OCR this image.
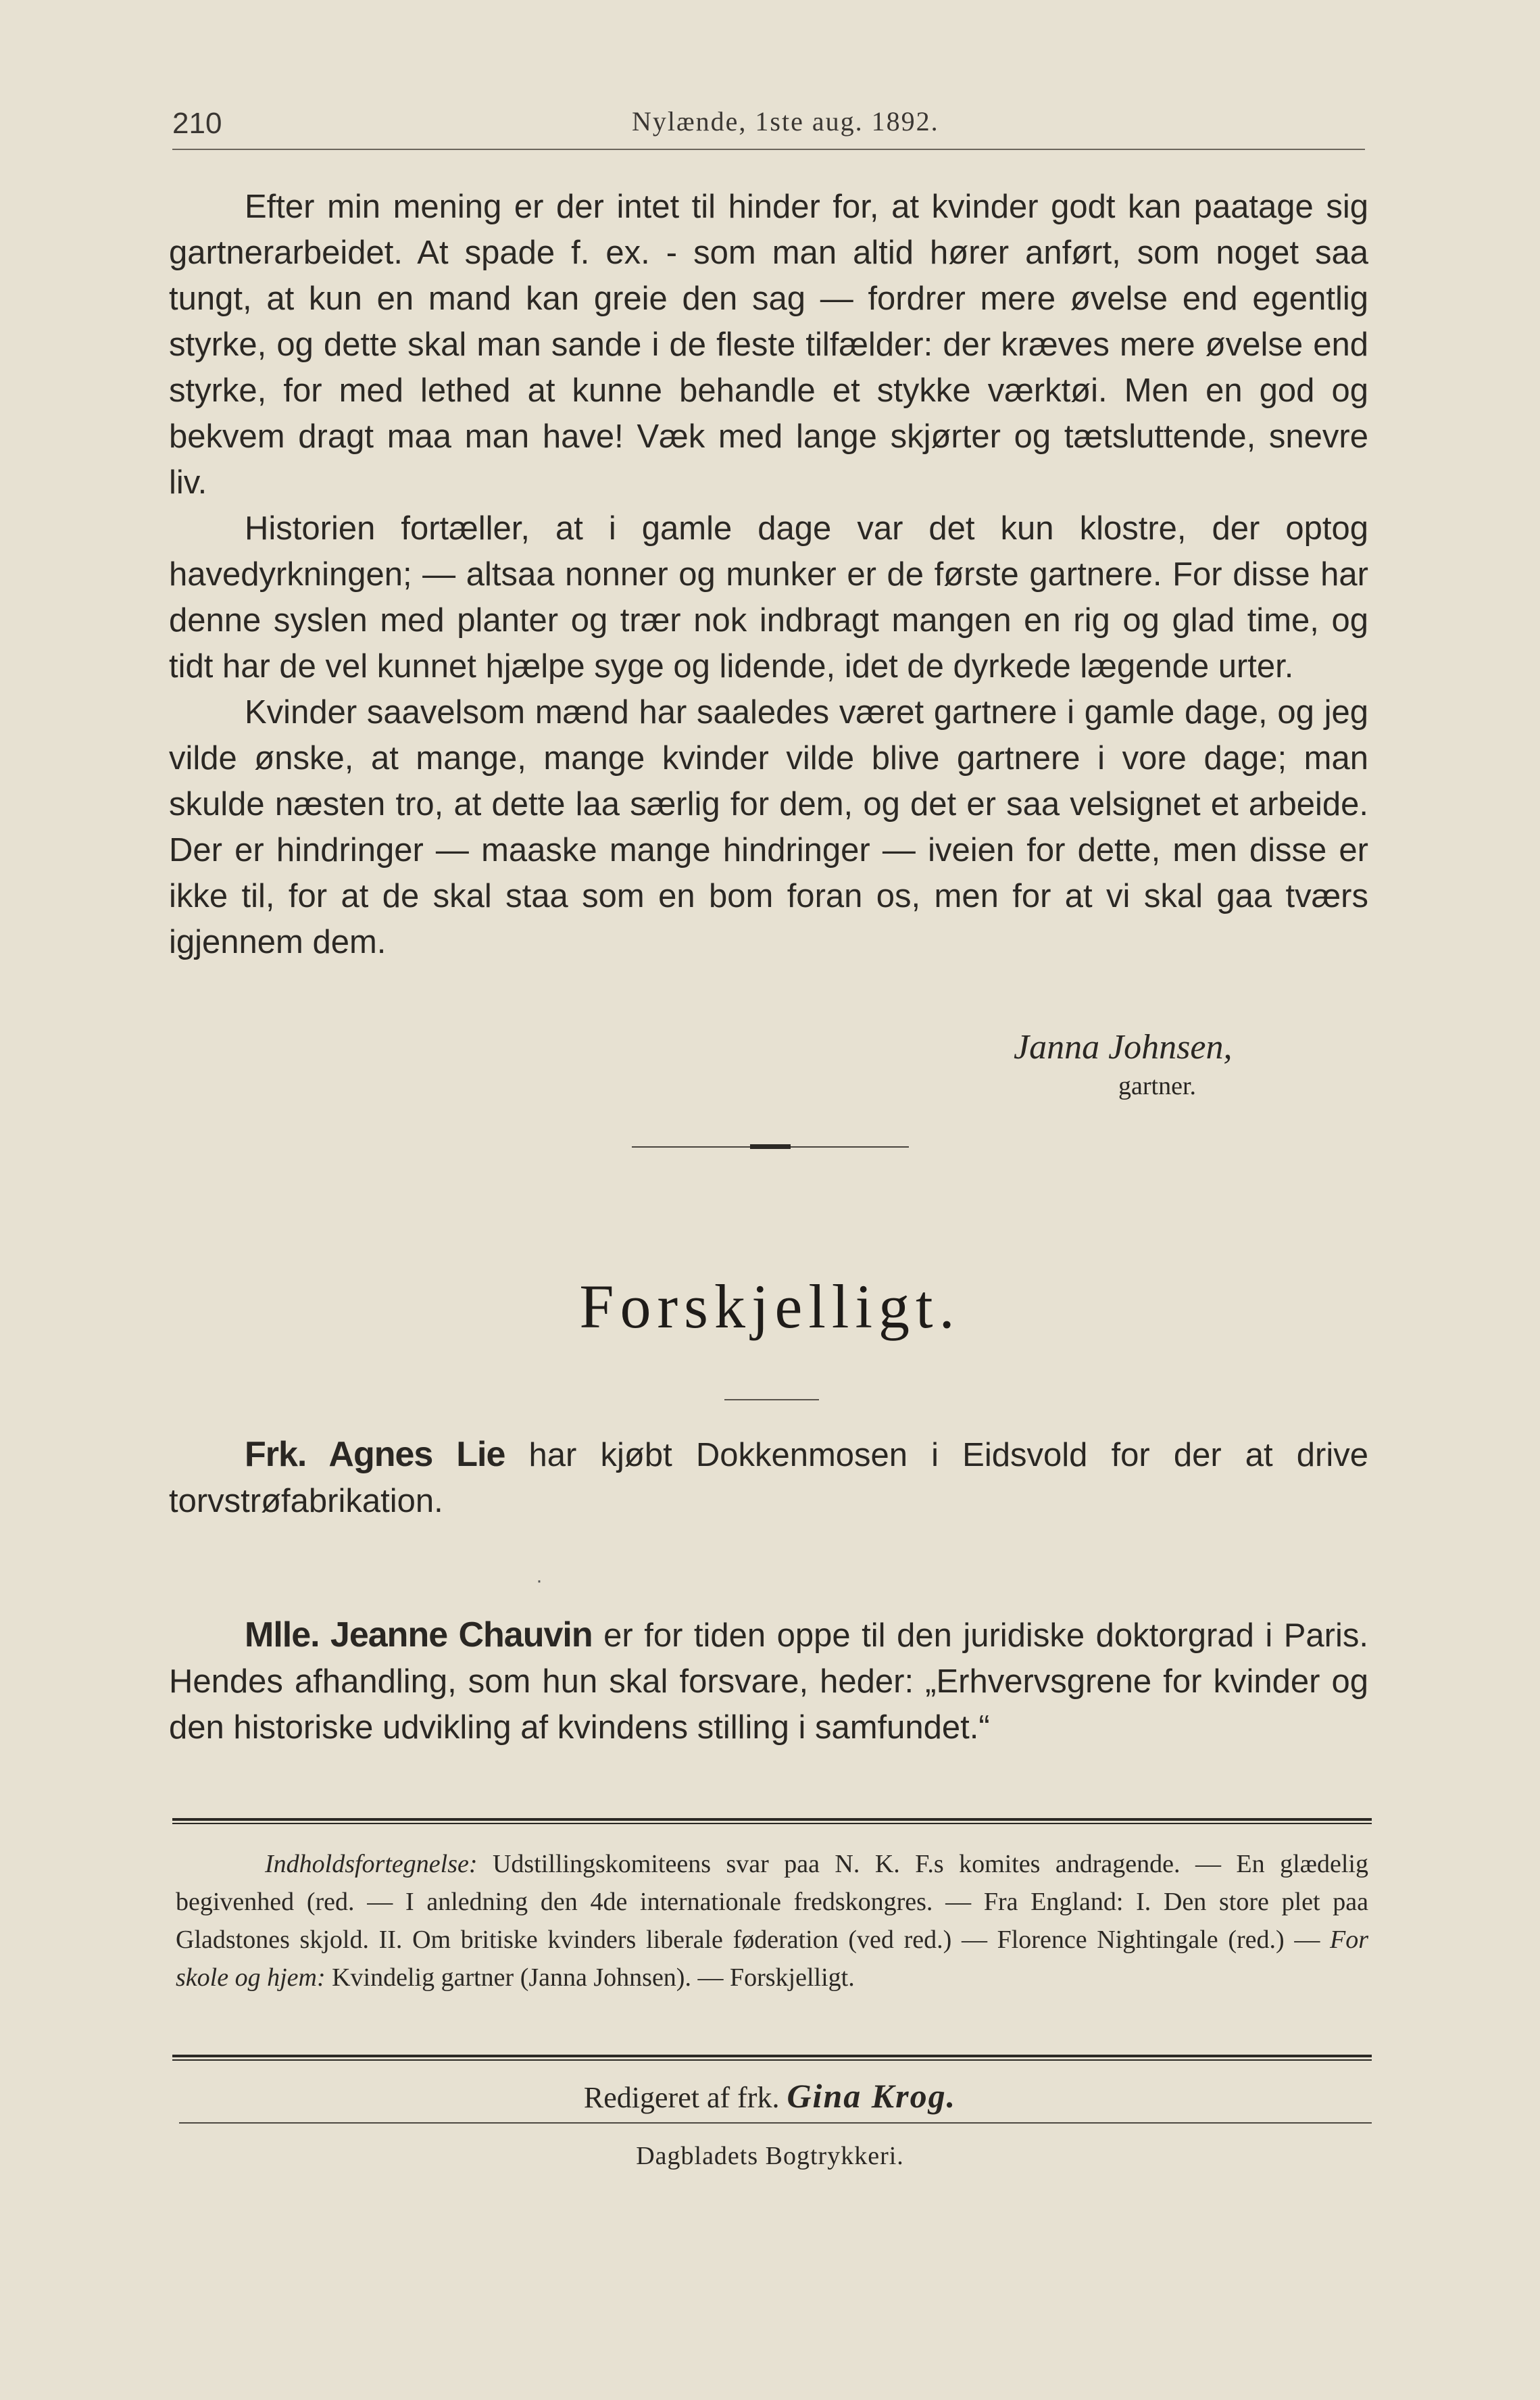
210	Nylænde, 1ste aug. 1892.

Efter min mening er der intet til hinder for, at kvinder godt kan paatage sig gartnerarbeidet. At spade f. ex. - som man altid hører anført, som noget saa tungt, at kun en mand kan greie den sag — fordrer mere øvelse end egentlig styrke, og dette skal man sande i de fleste tilfælder: der kræves mere øvelse end styrke, for med lethed at kunne behandle et stykke værktøi. Men en god og bekvem dragt maa man have! Væk med lange skjørter og tætsluttende, snevre liv.

Historien fortæller, at i gamle dage var det kun klostre, der optog havedyrkningen; — altsaa nonner og munker er de første gartnere. For disse har denne syslen med planter og trær nok indbragt mangen en rig og glad time, og tidt har de vel kunnet hjælpe syge og lidende, idet de dyrkede lægende urter.

Kvinder saavelsom mænd har saaledes været gartnere i gamle dage, og jeg vilde ønske, at mange, mange kvinder vilde blive gartnere i vore dage; man skulde næsten tro, at dette laa særlig for dem, og det er saa velsignet et arbeide. Der er hindringer — maaske mange hindringer — iveien for dette, men disse er ikke til, for at de skal staa som en bom foran os, men for at vi skal gaa tværs igjennem dem.

Janna Johnsen,
gartner.
Forskjelligt.

Frk. Agnes Lie har kjøbt Dokkenmosen i Eidsvold for der at drive torvstrøfabrikation.

·

Mlle. Jeanne Chauvin er for tiden oppe til den juridiske doktorgrad i Paris. Hendes afhandling, som hun skal forsvare, heder: „Erhvervsgrene for kvinder og den historiske udvikling af kvindens stilling i samfundet.“

Indholdsfortegnelse: Udstillingskomiteens svar paa N. K. F.s komites andragende. — En glædelig begivenhed (red. — I anledning den 4de internationale fredskongres. — Fra England: I. Den store plet paa Gladstones skjold. II. Om britiske kvinders liberale føderation (ved red.) — Florence Nightingale (red.) — For skole og hjem: Kvindelig gartner (Janna Johnsen). — Forskjelligt.

Redigeret af frk. Gina Krog.
Dagbladets Bogtrykkeri.
